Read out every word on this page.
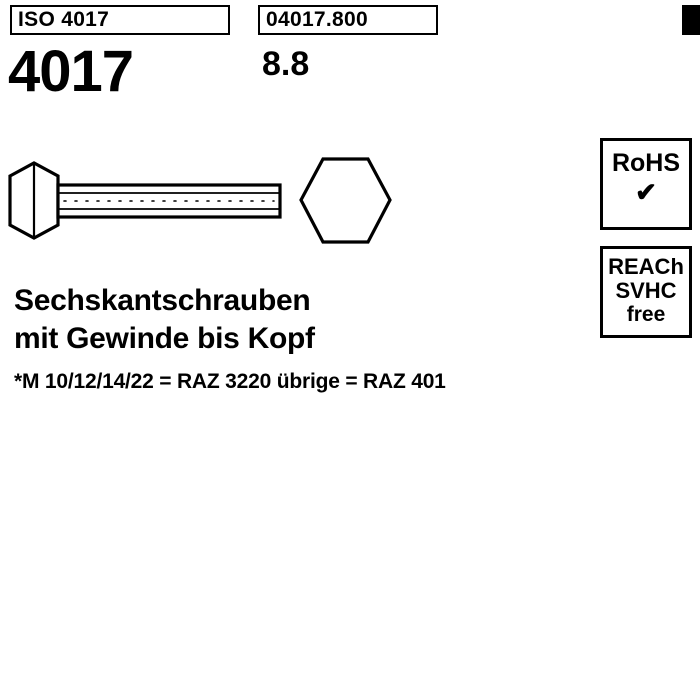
ISO 4017	04017.800
4017	8.8
Sechskantschrauben
mit Gewinde bis Kopf
*M 10/12/14/22 = RAZ 3220 übrige = RAZ 401
RoHS
✔
REACh
SVHC
free
